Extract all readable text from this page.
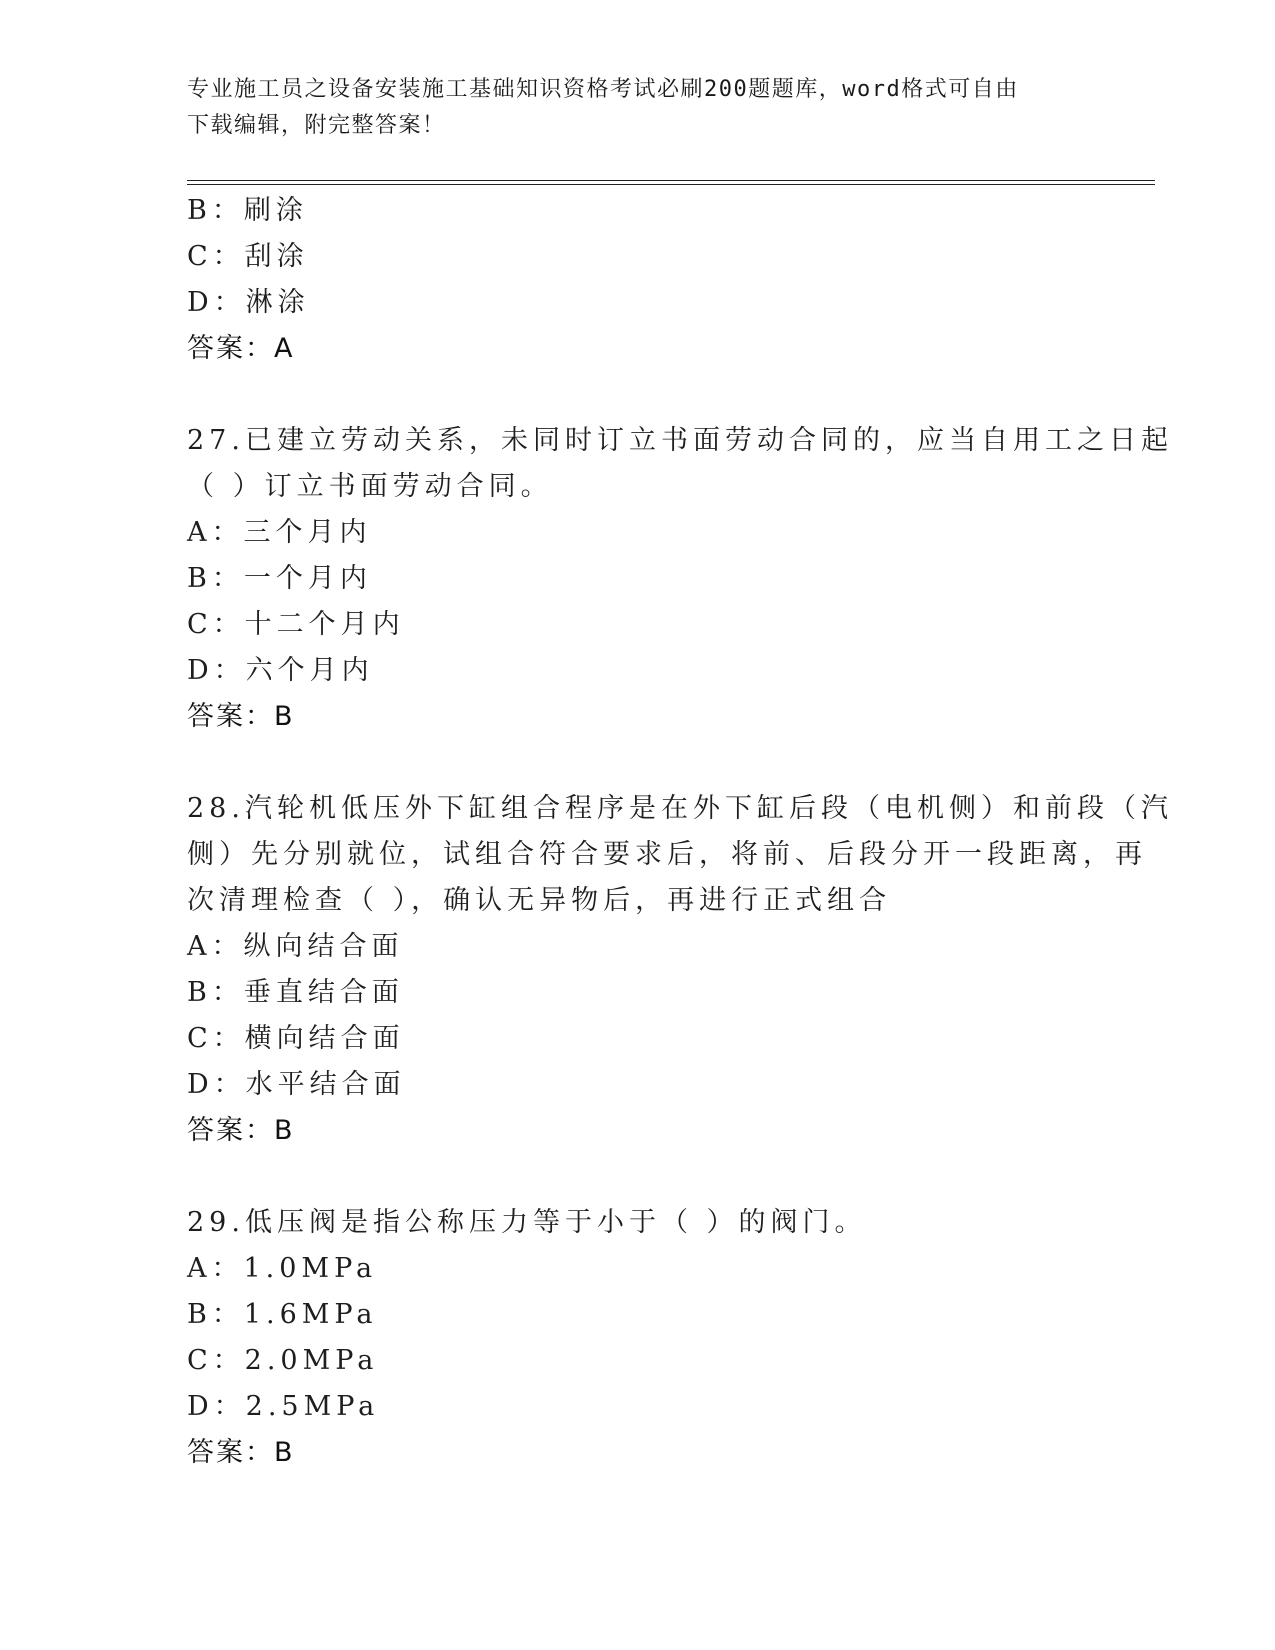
专业施工员之设备安装施工基础知识资格考试必刷200题题库，word格式可自由
下载编辑，附完整答案！
B：刷涂
C：刮涂
D：淋涂
答案：A
27.已建立劳动关系，未同时订立书面劳动合同的，应当自用工之日起
（ ）订立书面劳动合同。
A：三个月内
B：一个月内
C：十二个月内
D：六个月内
答案：B
28.汽轮机低压外下缸组合程序是在外下缸后段（电机侧）和前段（汽
侧）先分别就位，试组合符合要求后，将前、后段分开一段距离，再
次清理检查（ ），确认无异物后，再进行正式组合
A：纵向结合面
B：垂直结合面
C：横向结合面
D：水平结合面
答案：B
29.低压阀是指公称压力等于小于（ ）的阀门。
A：1.0MPa
B：1.6MPa
C：2.0MPa
D：2.5MPa
答案：B
